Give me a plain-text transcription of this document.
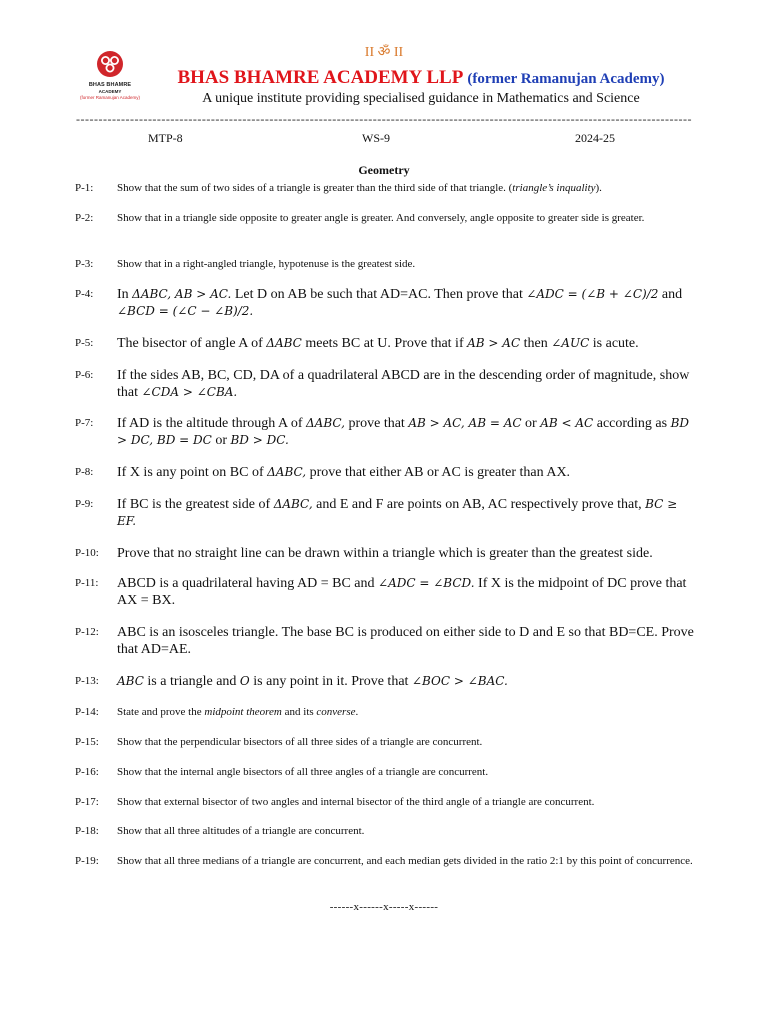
BHAS BHAMRE
ACADEMY
(former Ramanujan Academy)
II ॐ II
BHAS BHAMRE ACADEMY LLP (former Ramanujan Academy)
A unique institute providing specialised guidance in Mathematics and Science
-----------------------------------------------------------------------------------------------------------------------------------------
MTP-8	WS-9	2024-25
Geometry
P-1:	Show that the sum of two sides of a triangle is greater than the third side of that triangle. (triangle’s inquality).
P-2:	Show that in a triangle side opposite to greater angle is greater. And conversely, angle opposite to greater side is greater.
P-3:	Show that in a right-angled triangle, hypotenuse is the greatest side.
P-4:	In ΔABC, AB > AC. Let D on AB be such that AD=AC. Then prove that ∠ADC = (∠B + ∠C)/2 and ∠BCD = (∠C − ∠B)/2.
P-5:	The bisector of angle A of ΔABC meets BC at U. Prove that if AB > AC then ∠AUC is acute.
P-6:	If the sides AB, BC, CD, DA of a quadrilateral ABCD are in the descending order of magnitude, show that ∠CDA > ∠CBA.
P-7:	If AD is the altitude through A of ΔABC, prove that AB > AC, AB = AC or AB < AC according as BD > DC, BD = DC or BD > DC.
P-8:	If X is any point on BC of ΔABC, prove that either AB or AC is greater than AX.
P-9:	If BC is the greatest side of ΔABC, and E and F are points on AB, AC respectively prove that, BC ≥ EF.
P-10:	Prove that no straight line can be drawn within a triangle which is greater than the greatest side.
P-11:	ABCD is a quadrilateral having AD = BC and ∠ADC = ∠BCD. If X is the midpoint of DC prove that AX = BX.
P-12:	ABC is an isosceles triangle. The base BC is produced on either side to D and E so that BD=CE. Prove that AD=AE.
P-13:	ABC is a triangle and O is any point in it. Prove that ∠BOC > ∠BAC.
P-14:	State and prove the midpoint theorem and its converse.
P-15:	Show that the perpendicular bisectors of all three sides of a triangle are concurrent.
P-16:	Show that the internal angle bisectors of all three angles of a triangle are concurrent.
P-17:	Show that external bisector of two angles and internal bisector of the third angle of a triangle are concurrent.
P-18:	Show that all three altitudes of a triangle are concurrent.
P-19:	Show that all three medians of a triangle are concurrent, and each median gets divided in the ratio 2:1 by this point of concurrence.
------x------x-----x------
